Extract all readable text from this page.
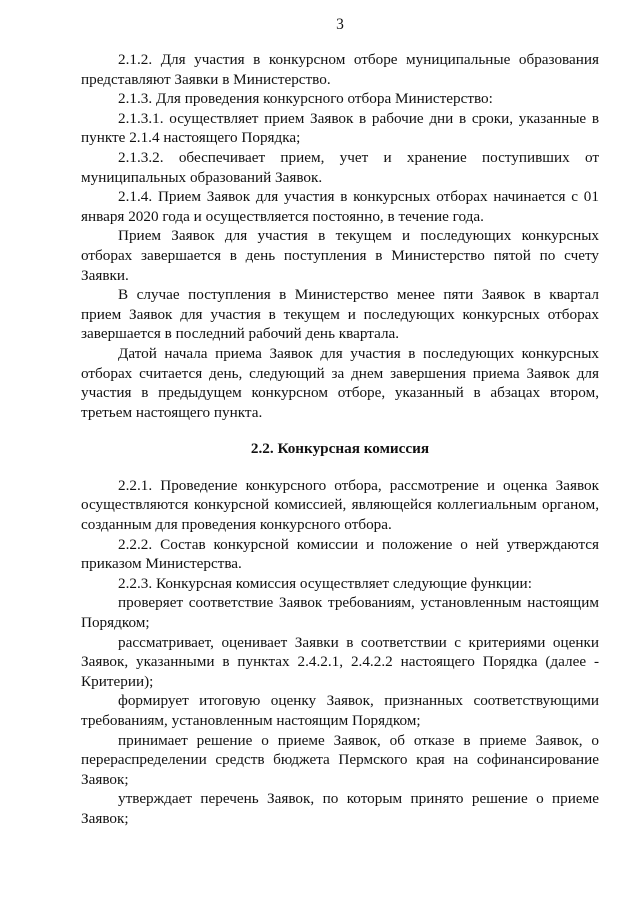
3

2.1.2. Для участия в конкурсном отборе муниципальные образования представляют Заявки в Министерство.

2.1.3. Для проведения конкурсного отбора Министерство:

2.1.3.1. осуществляет прием Заявок в рабочие дни в сроки, указанные в пункте 2.1.4 настоящего Порядка;

2.1.3.2. обеспечивает прием, учет и хранение поступивших от муниципальных образований Заявок.

2.1.4. Прием Заявок для участия в конкурсных отборах начинается с 01 января 2020 года и осуществляется постоянно, в течение года.

Прием Заявок для участия в текущем и последующих конкурсных отборах завершается в день поступления в Министерство пятой по счету Заявки.

В случае поступления в Министерство менее пяти Заявок в квартал прием Заявок для участия в текущем и последующих конкурсных отборах завершается в последний рабочий день квартала.

Датой начала приема Заявок для участия в последующих конкурсных отборах считается день, следующий за днем завершения приема Заявок для участия в предыдущем конкурсном отборе, указанный в абзацах втором, третьем настоящего пункта.

2.2. Конкурсная комиссия

2.2.1. Проведение конкурсного отбора, рассмотрение и оценка Заявок осуществляются конкурсной комиссией, являющейся коллегиальным органом, созданным для проведения конкурсного отбора.

2.2.2. Состав конкурсной комиссии и положение о ней утверждаются приказом Министерства.

2.2.3. Конкурсная комиссия осуществляет следующие функции:

проверяет соответствие Заявок требованиям, установленным настоящим Порядком;

рассматривает, оценивает Заявки в соответствии с критериями оценки Заявок, указанными в пунктах 2.4.2.1, 2.4.2.2 настоящего Порядка (далее - Критерии);

формирует итоговую оценку Заявок, признанных соответствующими требованиям, установленным настоящим Порядком;

принимает решение о приеме Заявок, об отказе в приеме Заявок, о перераспределении средств бюджета Пермского края на софинансирование Заявок;

утверждает перечень Заявок, по которым принято решение о приеме Заявок;
